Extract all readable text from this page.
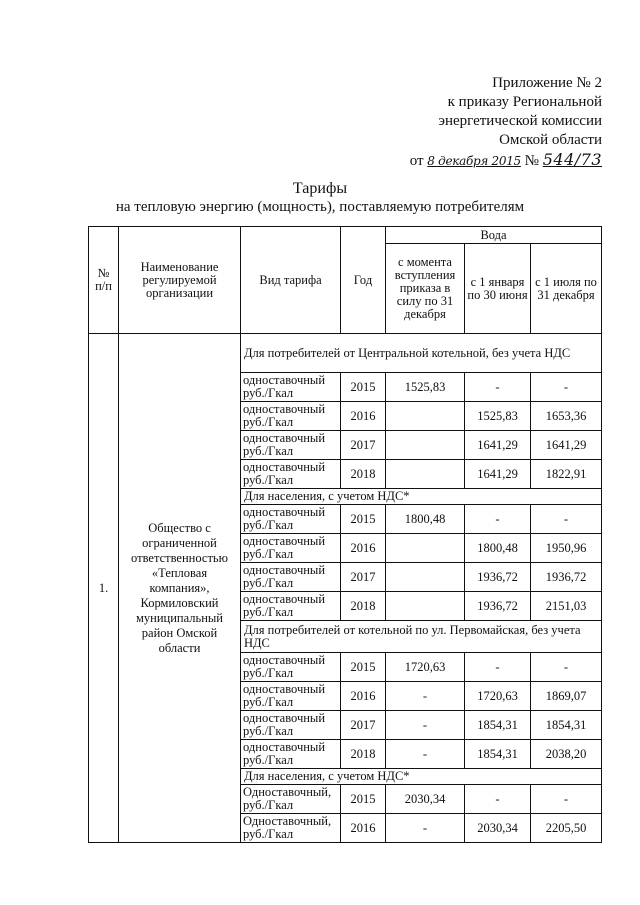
Приложение № 2
к приказу Региональной
энергетической комиссии
Омской области
от 8 декабря 2015 № 544/73
Тарифы
на тепловую энергию (мощность), поставляемую потребителям
№ п/п	Наименование регулируемой организации	Вид тарифа	Год	Вода		
				с момента вступления приказа в силу по 31 декабря	с 1 января по 30 июня	с 1 июля по 31 декабря
1.	Общество с ограниченной ответственностью «Тепловая компания», Кормиловский муниципальный район Омской области	Для потребителей от Центральной котельной, без учета НДС				
		одноставочный руб./Гкал	2015	1525,83	-	-
		одноставочный руб./Гкал	2016		1525,83	1653,36
		одноставочный руб./Гкал	2017		1641,29	1641,29
		одноставочный руб./Гкал	2018		1641,29	1822,91
		Для населения, с учетом НДС*				
		одноставочный руб./Гкал	2015	1800,48	-	-
		одноставочный руб./Гкал	2016		1800,48	1950,96
		одноставочный руб./Гкал	2017		1936,72	1936,72
		одноставочный руб./Гкал	2018		1936,72	2151,03
		Для потребителей от котельной по ул. Первомайская, без учета НДС				
		одноставочный руб./Гкал	2015	1720,63	-	-
		одноставочный руб./Гкал	2016	-	1720,63	1869,07
		одноставочный руб./Гкал	2017	-	1854,31	1854,31
		одноставочный руб./Гкал	2018	-	1854,31	2038,20
		Для населения, с учетом НДС*				
		Одноставочный, руб./Гкал	2015	2030,34	-	-
		Одноставочный, руб./Гкал	2016	-	2030,34	2205,50
